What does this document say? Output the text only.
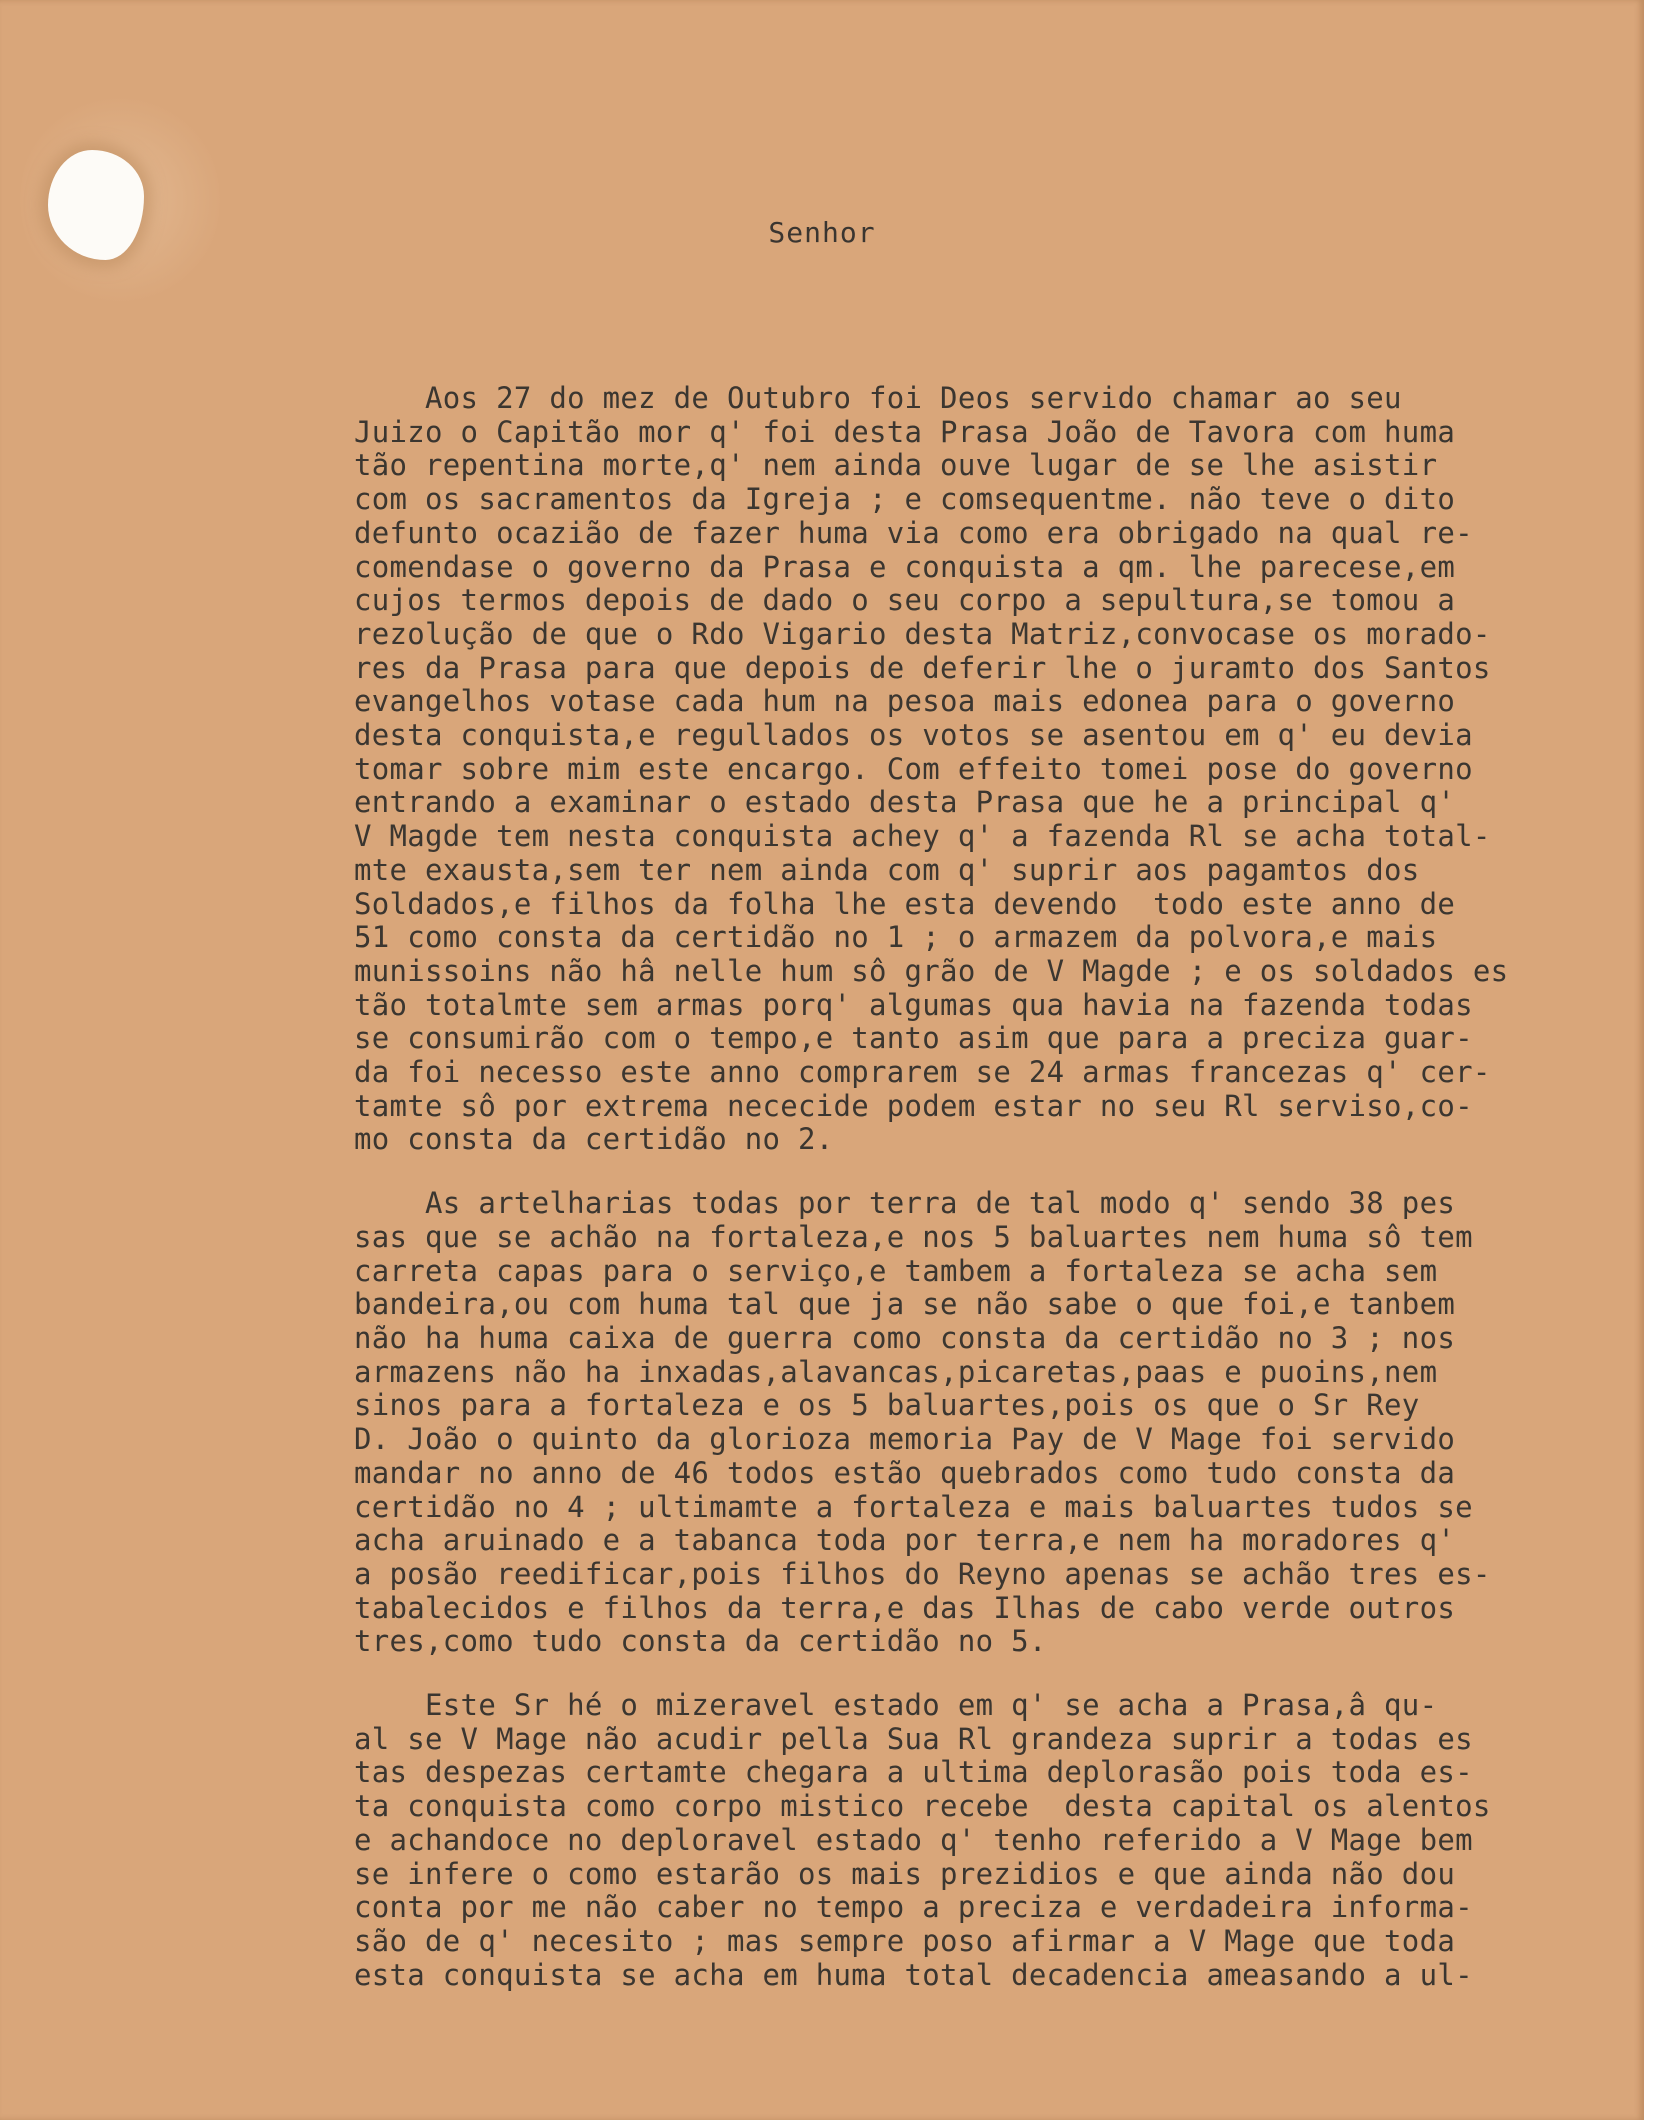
Senhor
Aos 27 do mez de Outubro foi Deos servido chamar ao seu
Juizo o Capitão mor q' foi desta Prasa João de Tavora com huma
tão repentina morte,q' nem ainda ouve lugar de se lhe asistir
com os sacramentos da Igreja ; e comsequentme. não teve o dito
defunto ocazião de fazer huma via como era obrigado na qual re-
comendase o governo da Prasa e conquista a qm. lhe parecese,em
cujos termos depois de dado o seu corpo a sepultura,se tomou a
rezolução de que o Rdo Vigario desta Matriz,convocase os morado-
res da Prasa para que depois de deferir lhe o juramto dos Santos
evangelhos votase cada hum na pesoa mais edonea para o governo
desta conquista,e regullados os votos se asentou em q' eu devia
tomar sobre mim este encargo. Com effeito tomei pose do governo
entrando a examinar o estado desta Prasa que he a principal q'
V Magde tem nesta conquista achey q' a fazenda Rl se acha total-
mte exausta,sem ter nem ainda com q' suprir aos pagamtos dos
Soldados,e filhos da folha lhe esta devendo  todo este anno de
51 como consta da certidão no 1 ; o armazem da polvora,e mais
munissoins não hâ nelle hum sô grão de V Magde ; e os soldados es
tão totalmte sem armas porq' algumas qua havia na fazenda todas
se consumirão com o tempo,e tanto asim que para a preciza guar-
da foi necesso este anno comprarem se 24 armas francezas q' cer-
tamte sô por extrema nececide podem estar no seu Rl serviso,co-
mo consta da certidão no 2.
As artelharias todas por terra de tal modo q' sendo 38 pes
sas que se achão na fortaleza,e nos 5 baluartes nem huma sô tem
carreta capas para o serviço,e tambem a fortaleza se acha sem
bandeira,ou com huma tal que ja se não sabe o que foi,e tanbem
não ha huma caixa de guerra como consta da certidão no 3 ; nos
armazens não ha inxadas,alavancas,picaretas,paas e puoins,nem
sinos para a fortaleza e os 5 baluartes,pois os que o Sr Rey
D. João o quinto da glorioza memoria Pay de V Mage foi servido
mandar no anno de 46 todos estão quebrados como tudo consta da
certidão no 4 ; ultimamte a fortaleza e mais baluartes tudos se
acha aruinado e a tabanca toda por terra,e nem ha moradores q'
a posão reedificar,pois filhos do Reyno apenas se achão tres es-
tabalecidos e filhos da terra,e das Ilhas de cabo verde outros
tres,como tudo consta da certidão no 5.
Este Sr hé o mizeravel estado em q' se acha a Prasa,â qu-
al se V Mage não acudir pella Sua Rl grandeza suprir a todas es
tas despezas certamte chegara a ultima deplorasão pois toda es-
ta conquista como corpo mistico recebe  desta capital os alentos
e achandoce no deploravel estado q' tenho referido a V Mage bem
se infere o como estarão os mais prezidios e que ainda não dou
conta por me não caber no tempo a preciza e verdadeira informa-
são de q' necesito ; mas sempre poso afirmar a V Mage que toda
esta conquista se acha em huma total decadencia ameasando a ul-
